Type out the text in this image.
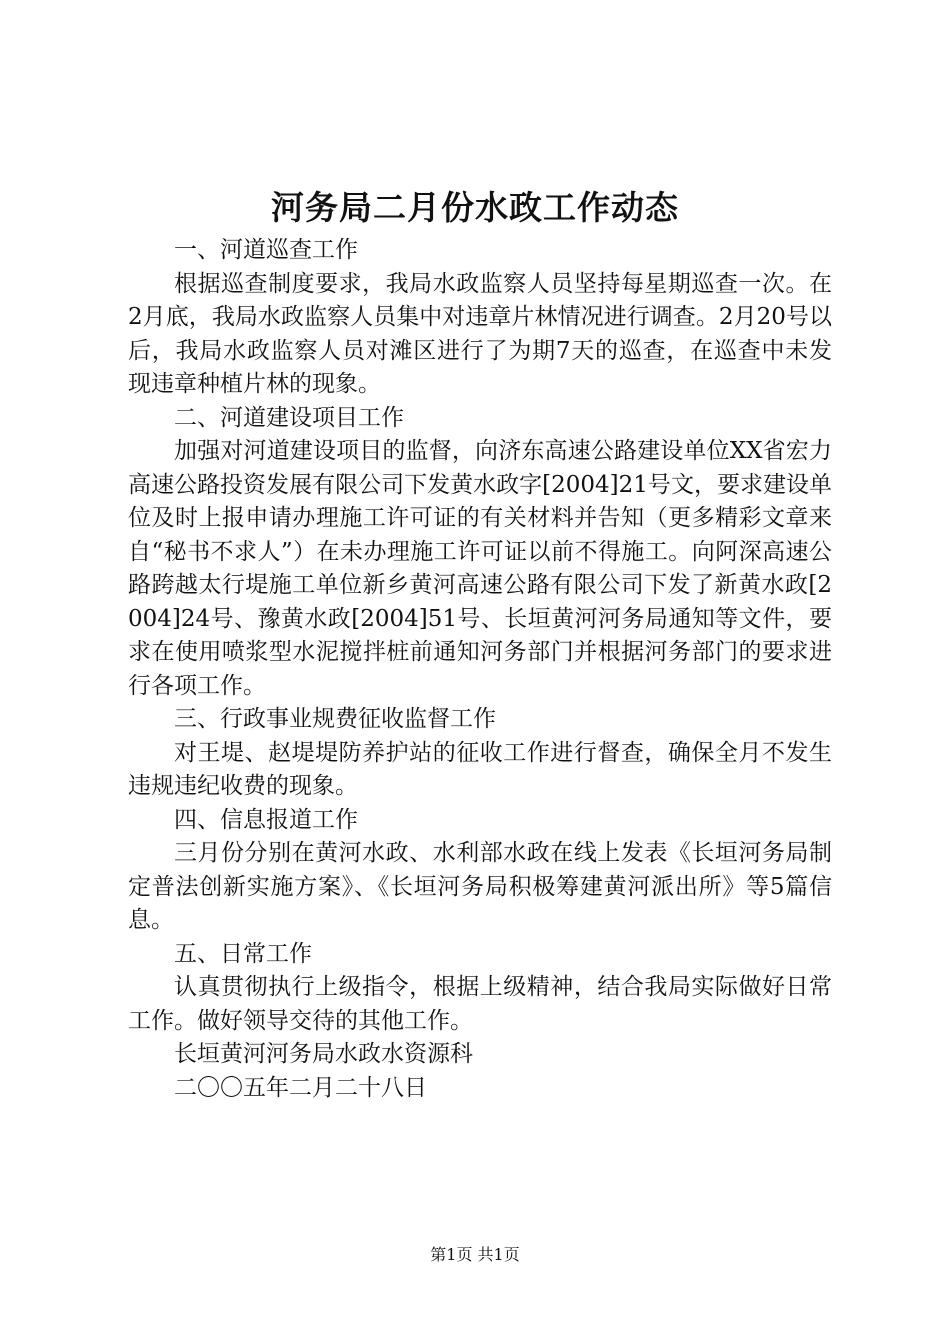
河务局二月份水政工作动态

一、河道巡查工作

根据巡查制度要求，我局水政监察人员坚持每星期巡查一次。在2月底，我局水政监察人员集中对违章片林情况进行调查。2月20号以后，我局水政监察人员对滩区进行了为期7天的巡查，在巡查中未发现违章种植片林的现象。

二、河道建设项目工作

加强对河道建设项目的监督，向济东高速公路建设单位XX省宏力高速公路投资发展有限公司下发黄水政字[2004]21号文，要求建设单位及时上报申请办理施工许可证的有关材料并告知（更多精彩文章来自“秘书不求人”）在未办理施工许可证以前不得施工。向阿深高速公路跨越太行堤施工单位新乡黄河高速公路有限公司下发了新黄水政[2004]24号、豫黄水政[2004]51号、长垣黄河河务局通知等文件，要求在使用喷浆型水泥搅拌桩前通知河务部门并根据河务部门的要求进行各项工作。

三、行政事业规费征收监督工作

对王堤、赵堤堤防养护站的征收工作进行督查，确保全月不发生违规违纪收费的现象。

四、信息报道工作

三月份分别在黄河水政、水利部水政在线上发表《长垣河务局制定普法创新实施方案》、《长垣河务局积极筹建黄河派出所》等5篇信息。

五、日常工作

认真贯彻执行上级指令，根据上级精神，结合我局实际做好日常工作。做好领导交待的其他工作。

长垣黄河河务局水政水资源科

二〇〇五年二月二十八日

第1页 共1页
